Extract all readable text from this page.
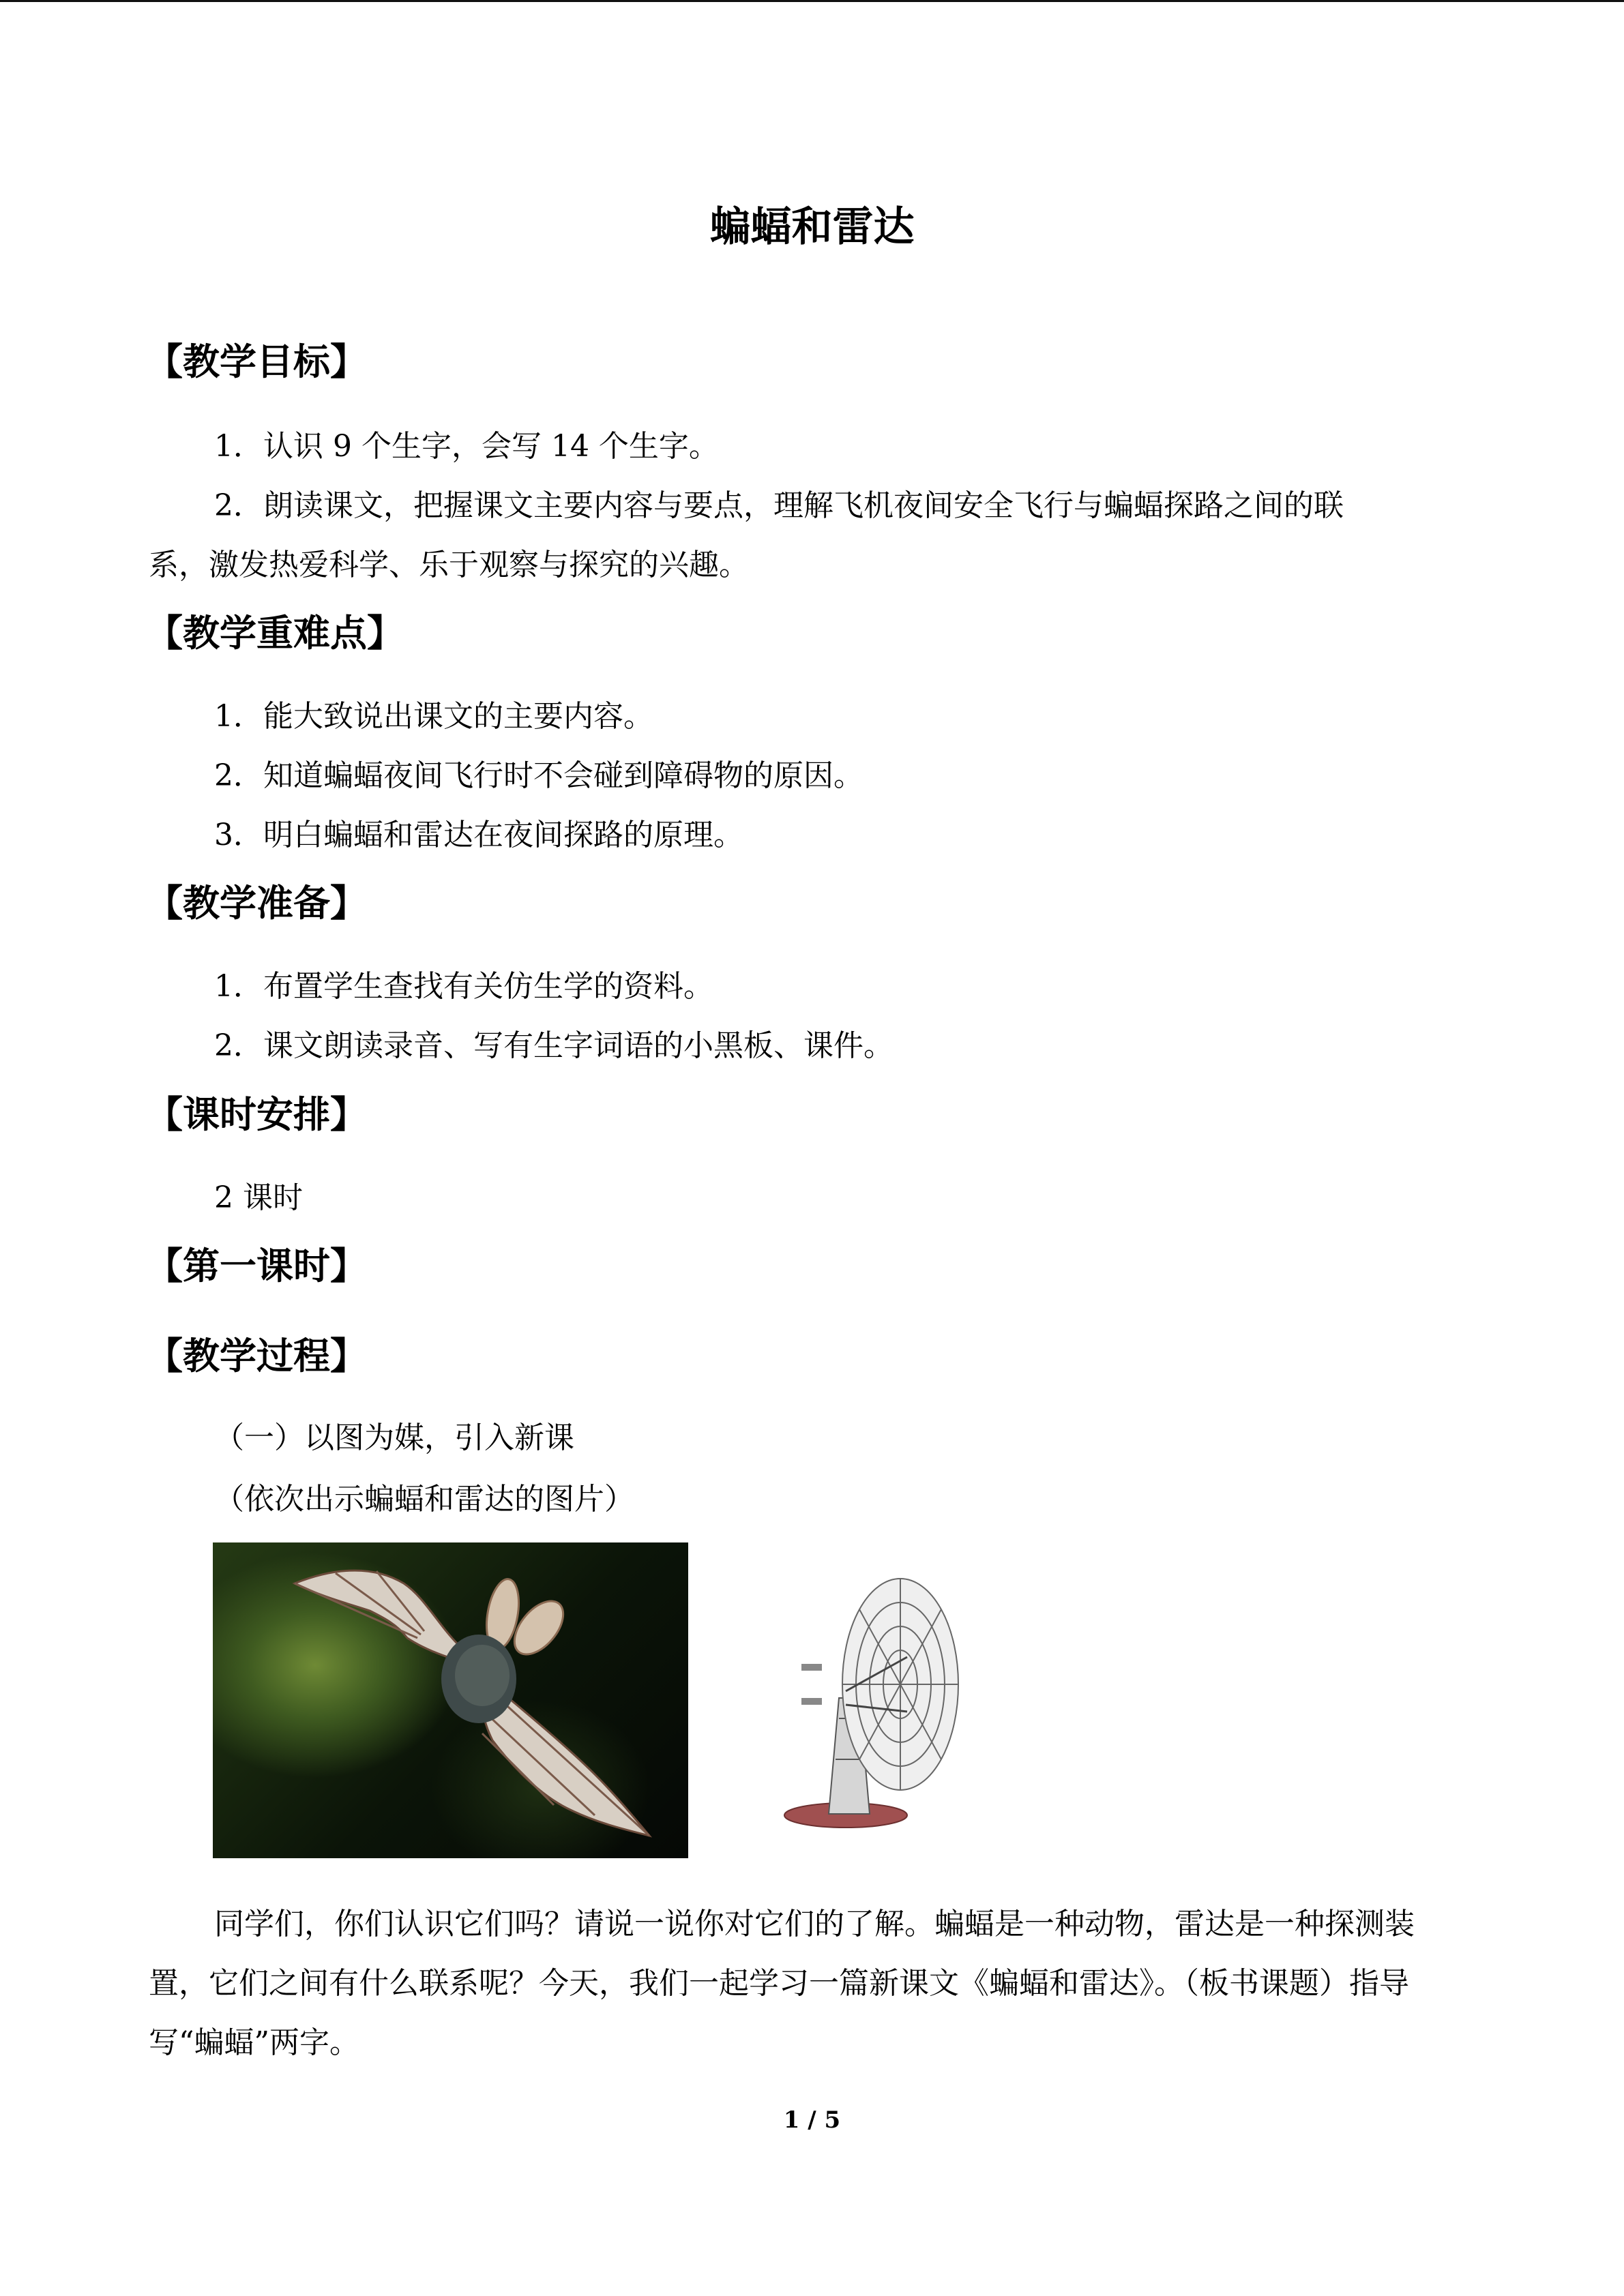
蝙蝠和雷达
【教学目标】
1．认识 9 个生字，会写 14 个生字。
2．朗读课文，把握课文主要内容与要点，理解飞机夜间安全飞行与蝙蝠探路之间的联
系，激发热爱科学、乐于观察与探究的兴趣。
【教学重难点】
1．能大致说出课文的主要内容。
2．知道蝙蝠夜间飞行时不会碰到障碍物的原因。
3．明白蝙蝠和雷达在夜间探路的原理。
【教学准备】
1．布置学生查找有关仿生学的资料。
2．课文朗读录音、写有生字词语的小黑板、课件。
【课时安排】
2 课时
【第一课时】
【教学过程】
（一）以图为媒，引入新课
（依次出示蝙蝠和雷达的图片）
同学们，你们认识它们吗？请说一说你对它们的了解。蝙蝠是一种动物，雷达是一种探测装置，它们之间有什么联系呢？今天，我们一起学习一篇新课文《蝙蝠和雷达》。（板书课题）指导写“蝙蝠”两字。
1 / 5
